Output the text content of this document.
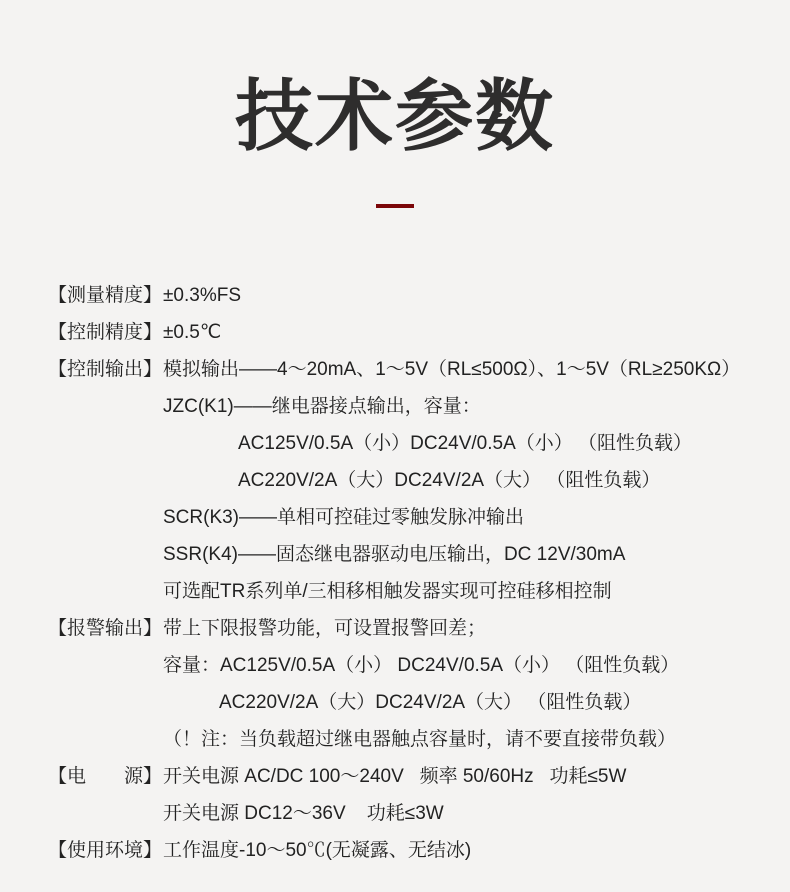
技术参数
【测量精度】 ±0.3%FS
【控制精度】 ±0.5℃
【控制输出】 模拟输出——4～20mA、1～5V（RL≤500Ω）、1～5V（RL≥250KΩ）
JZC(K1)——继电器接点输出，容量：
AC125V/0.5A（小）DC24V/0.5A（小） （阻性负载）
AC220V/2A（大）DC24V/2A（大） （阻性负载）
SCR(K3)——单相可控硅过零触发脉冲输出
SSR(K4)——固态继电器驱动电压输出，DC 12V/30mA
可选配TR系列单/三相移相触发器实现可控硅移相控制
【报警输出】 带上下限报警功能，可设置报警回差；
容量：AC125V/0.5A（小） DC24V/0.5A（小） （阻性负载）
AC220V/2A（大）DC24V/2A（大） （阻性负载）
（！注：当负载超过继电器触点容量时，请不要直接带负载）
【电　　源】 开关电源 AC/DC 100～240V   频率 50/60Hz   功耗≤5W
开关电源 DC12～36V    功耗≤3W
【使用环境】 工作温度-10～50℃(无凝露、无结冰)
